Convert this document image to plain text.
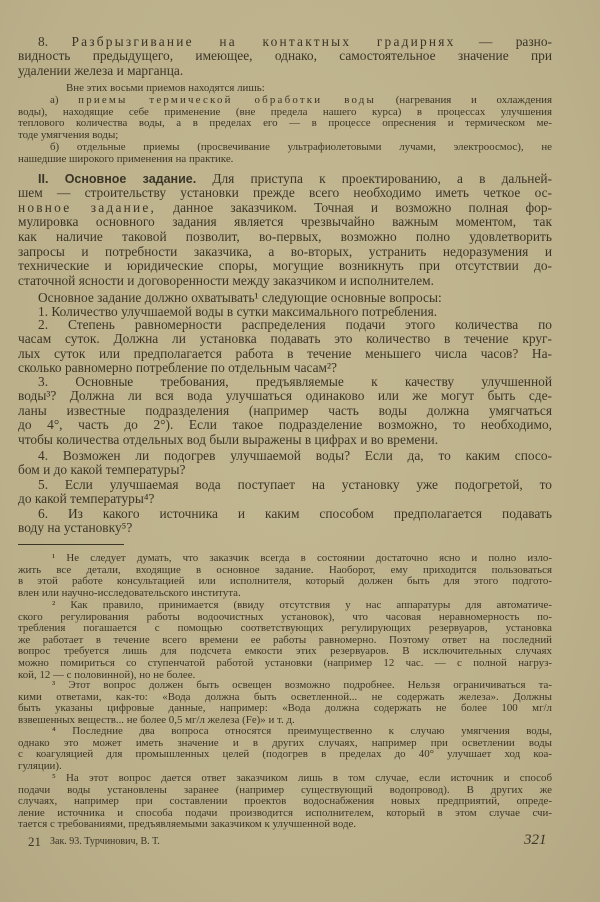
21 Зак. 93. Турчинович, В. Т.	321
Вне этих восьми приемов находятся лишь:
б) отдельные приемы (просвечивание ультрафиолетовыми лучами, электроосмос), не
нашедшие широкого применения на практике.
Основное задание должно охватывать¹ следующие основные вопросы:
1. Количество улучшаемой воды в сутки максимального потребления.
2. Степень равномерности распределения подачи этого количества по
часам суток. Должна ли установка подавать это количество в течение круг-
лых суток или предполагается работа в течение меньшего числа часов? На-
сколько равномерно потребление по отдельным часам²?
3. Основные требования, предъявляемые к качеству улучшенной
воды³? Должна ли вся вода улучшаться одинаково или же могут быть сде-
ланы известные подразделения (например часть воды должна умягчаться
до 4°, часть до 2°). Если такое подразделение возможно, то необходимо,
чтобы количества отдельных вод были выражены в цифрах и во времени.
4. Возможен ли подогрев улучшаемой воды? Если да, то каким спосо-
бом и до какой температуры?
5. Если улучшаемая вода поступает на установку уже подогретой, то
до какой температуры⁴?
6. Из какого источника и каким способом предполагается подавать
воду на установку⁵?
¹ Не следует думать, что заказчик всегда в состоянии достаточно ясно и полно изло-
жить все детали, входящие в основное задание. Наоборот, ему приходится пользоваться
в этой работе консультацией или исполнителя, который должен быть для этого подгото-
влен или научно-исследовательского института.
² Как правило, принимается (ввиду отсутствия у нас аппаратуры для автоматиче-
ского регулирования работы водоочистных установок), что часовая неравномерность по-
требления погашается с помощью соответствующих регулирующих резервуаров, установка
же работает в течение всего времени ее работы равномерно. Поэтому ответ на последний
вопрос требуется лишь для подсчета емкости этих резервуаров. В исключительных случаях
можно помириться со ступенчатой работой установки (например 12 час. — с полной нагруз-
кой, 12 — с половинной), но не более.
³ Этот вопрос должен быть освещен возможно подробнее. Нельзя ограничиваться та-
кими ответами, как-то: «Вода должна быть осветленной... не содержать железа». Должны
быть указаны цифровые данные, например: «Вода должна содержать не более 100 мг/л
взвешенных веществ... не более 0,5 мг/л железа (Fe)» и т. д.
⁴ Последние два вопроса относятся преимущественно к случаю умягчения воды,
однако это может иметь значение и в других случаях, например при осветлении воды
с коагуляцией для промышленных целей (подогрев в пределах до 40° улучшает ход коа-
гуляции).
⁵ На этот вопрос дается ответ заказчиком лишь в том случае, если источник и способ
подачи воды установлены заранее (например существующий водопровод). В других же
случаях, например при составлении проектов водоснабжения новых предприятий, опреде-
ление источника и способа подачи производится исполнителем, который в этом случае счи-
тается с требованиями, предъявляемыми заказчиком к улучшенной воде.
8. Разбрызгивание на контактных градирнях — разно-
видность предыдущего, имеющее, однако, самостоятельное значение при
удалении железа и марганца.
а) приемы термической обработки воды (нагревания и охлаждения
воды), находящие себе применение (вне предела нашего курса) в процессах улучшения
теплового количества воды, а в пределах его — в процессе опреснения и термическом ме-
тоде умягчения воды;
II. Основное задание. Для приступа к проектированию, а в дальней-
шем — строительству установки прежде всего необходимо иметь четкое ос-
новное задание, данное заказчиком. Точная и возможно полная фор-
мулировка основного задания является чрезвычайно важным моментом, так
как наличие таковой позволит, во-первых, возможно полно удовлетворить
запросы и потребности заказчика, а во-вторых, устранить недоразумения и
технические и юридические споры, могущие возникнуть при отсутствии до-
статочной ясности и договоренности между заказчиком и исполнителем.
